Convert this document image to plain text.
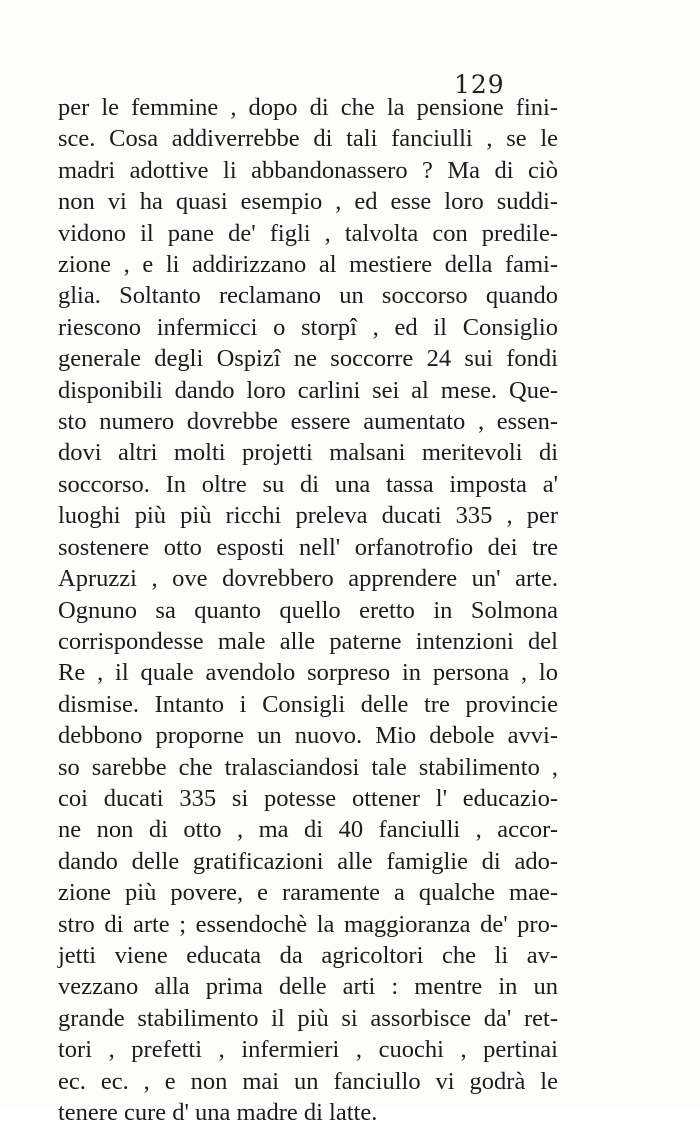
129
per le femmine , dopo di che la pensione fini-
sce. Cosa addiverrebbe di tali fanciulli , se le
madri adottive li abbandonassero ? Ma di ciò
non vi ha quasi esempio , ed esse loro suddi-
vidono il pane de' figli , talvolta con predile-
zione , e li addirizzano al mestiere della fami-
glia. Soltanto reclamano un soccorso quando
riescono infermicci o storpî , ed il Consiglio
generale degli Ospizî ne soccorre 24 sui fondi
disponibili dando loro carlini sei al mese. Que-
sto numero dovrebbe essere aumentato , essen-
dovi altri molti projetti malsani meritevoli di
soccorso. In oltre su di una tassa imposta a'
luoghi più più ricchi preleva ducati 335 , per
sostenere otto esposti nell' orfanotrofio dei tre
Apruzzi , ove dovrebbero apprendere un' arte.
Ognuno sa quanto quello eretto in Solmona
corrispondesse male alle paterne intenzioni del
Re , il quale avendolo sorpreso in persona , lo
dismise. Intanto i Consigli delle tre provincie
debbono proporne un nuovo. Mio debole avvi-
so sarebbe che tralasciandosi tale stabilimento ,
coi ducati 335 si potesse ottener l' educazio-
ne non di otto , ma di 40 fanciulli , accor-
dando delle gratificazioni alle famiglie di ado-
zione più povere, e raramente a qualche mae-
stro di arte ; essendochè la maggioranza de' pro-
jetti viene educata da agricoltori che li av-
vezzano alla prima delle arti : mentre in un
grande stabilimento il più si assorbisce da' ret-
tori , prefetti , infermieri , cuochi , pertinai
ec. ec. , e non mai un fanciullo vi godrà le
tenere cure d' una madre di latte.
